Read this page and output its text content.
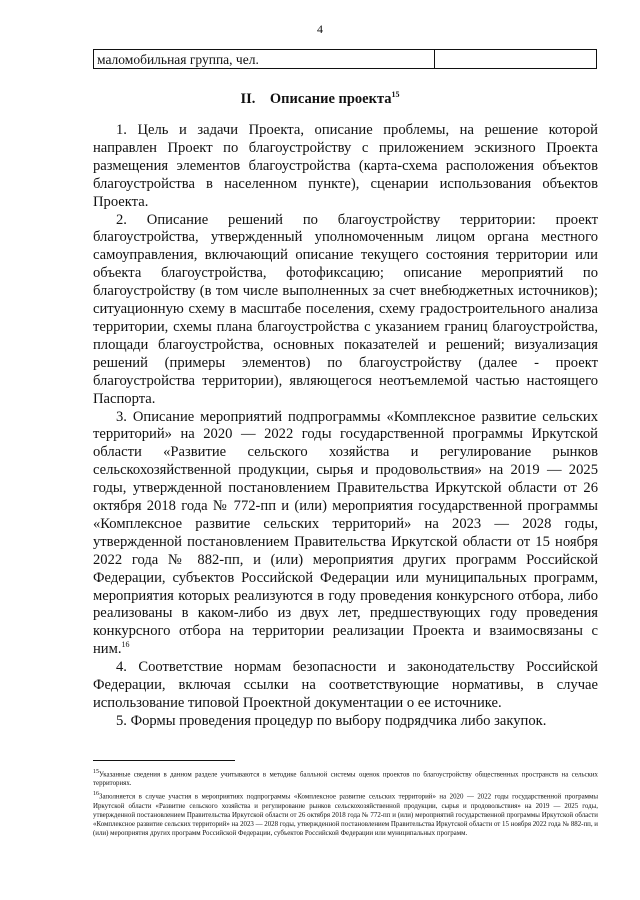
4
маломобильная группа, чел.
II. Описание проекта$^{15}$

1. Цель и задачи Проекта, описание проблемы, на решение которой направлен Проект по благоустройству с приложением эскизного Проекта размещения элементов благоустройства (карта-схема расположения объектов благоустройства в населенном пункте), сценарии использования объектов Проекта.

2. Описание решений по благоустройству территории: проект благоустройства, утвержденный уполномоченным лицом органа местного самоуправления, включающий описание текущего состояния территории или объекта благоустройства, фотофиксацию; описание мероприятий по благоустройству (в том числе выполненных за счет внебюджетных источников); ситуационную схему в масштабе поселения, схему градостроительного анализа территории, схемы плана благоустройства с указанием границ благоустройства, площади благоустройства, основных показателей и решений; визуализация решений (примеры элементов) по благоустройству (далее - проект благоустройства территории), являющегося неотъемлемой частью настоящего Паспорта.

3. Описание мероприятий подпрограммы «Комплексное развитие сельских территорий» на 2020 — 2022 годы государственной программы Иркутской области «Развитие сельского хозяйства и регулирование рынков сельскохозяйственной продукции, сырья и продовольствия» на 2019 — 2025 годы, утвержденной постановлением Правительства Иркутской области от 26 октября 2018 года № 772-пп и (или) мероприятия государственной программы «Комплексное развитие сельских территорий» на 2023 — 2028 годы, утвержденной постановлением Правительства Иркутской области от 15 ноября 2022 года № 882-пп, и (или) мероприятия других программ Российской Федерации, субъектов Российской Федерации или муниципальных программ, мероприятия которых реализуются в году проведения конкурсного отбора, либо реализованы в каком-либо из двух лет, предшествующих году проведения конкурсного отбора на территории реализации Проекта и взаимосвязаны с ним.$^{16}$

4. Соответствие нормам безопасности и законодательству Российской Федерации, включая ссылки на соответствующие нормативы, в случае использование типовой Проектной документации о ее источнике.

5. Формы проведения процедур по выбору подрядчика либо закупок.

$^{15}$Указанные сведения в данном разделе учитываются в методике балльной системы оценок проектов по благоустройству общественных пространств на сельских территориях.

$^{16}$Заполняется в случае участия в мероприятиях подпрограммы «Комплексное развитие сельских территорий» на 2020 — 2022 годы государственной программы Иркутской области «Развитие сельского хозяйства и регулирование рынков сельскохозяйственной продукции, сырья и продовольствия» на 2019 — 2025 годы, утвержденной постановлением Правительства Иркутской области от 26 октября 2018 года № 772-пп и (или) мероприятий государственной программы Иркутской области «Комплексное развитие сельских территорий» на 2023 — 2028 годы, утвержденной постановлением Правительства Иркутской области от 15 ноября 2022 года № 882-пп, и (или) мероприятия других программ Российской Федерации, субъектов Российской Федерации или муниципальных программ.
